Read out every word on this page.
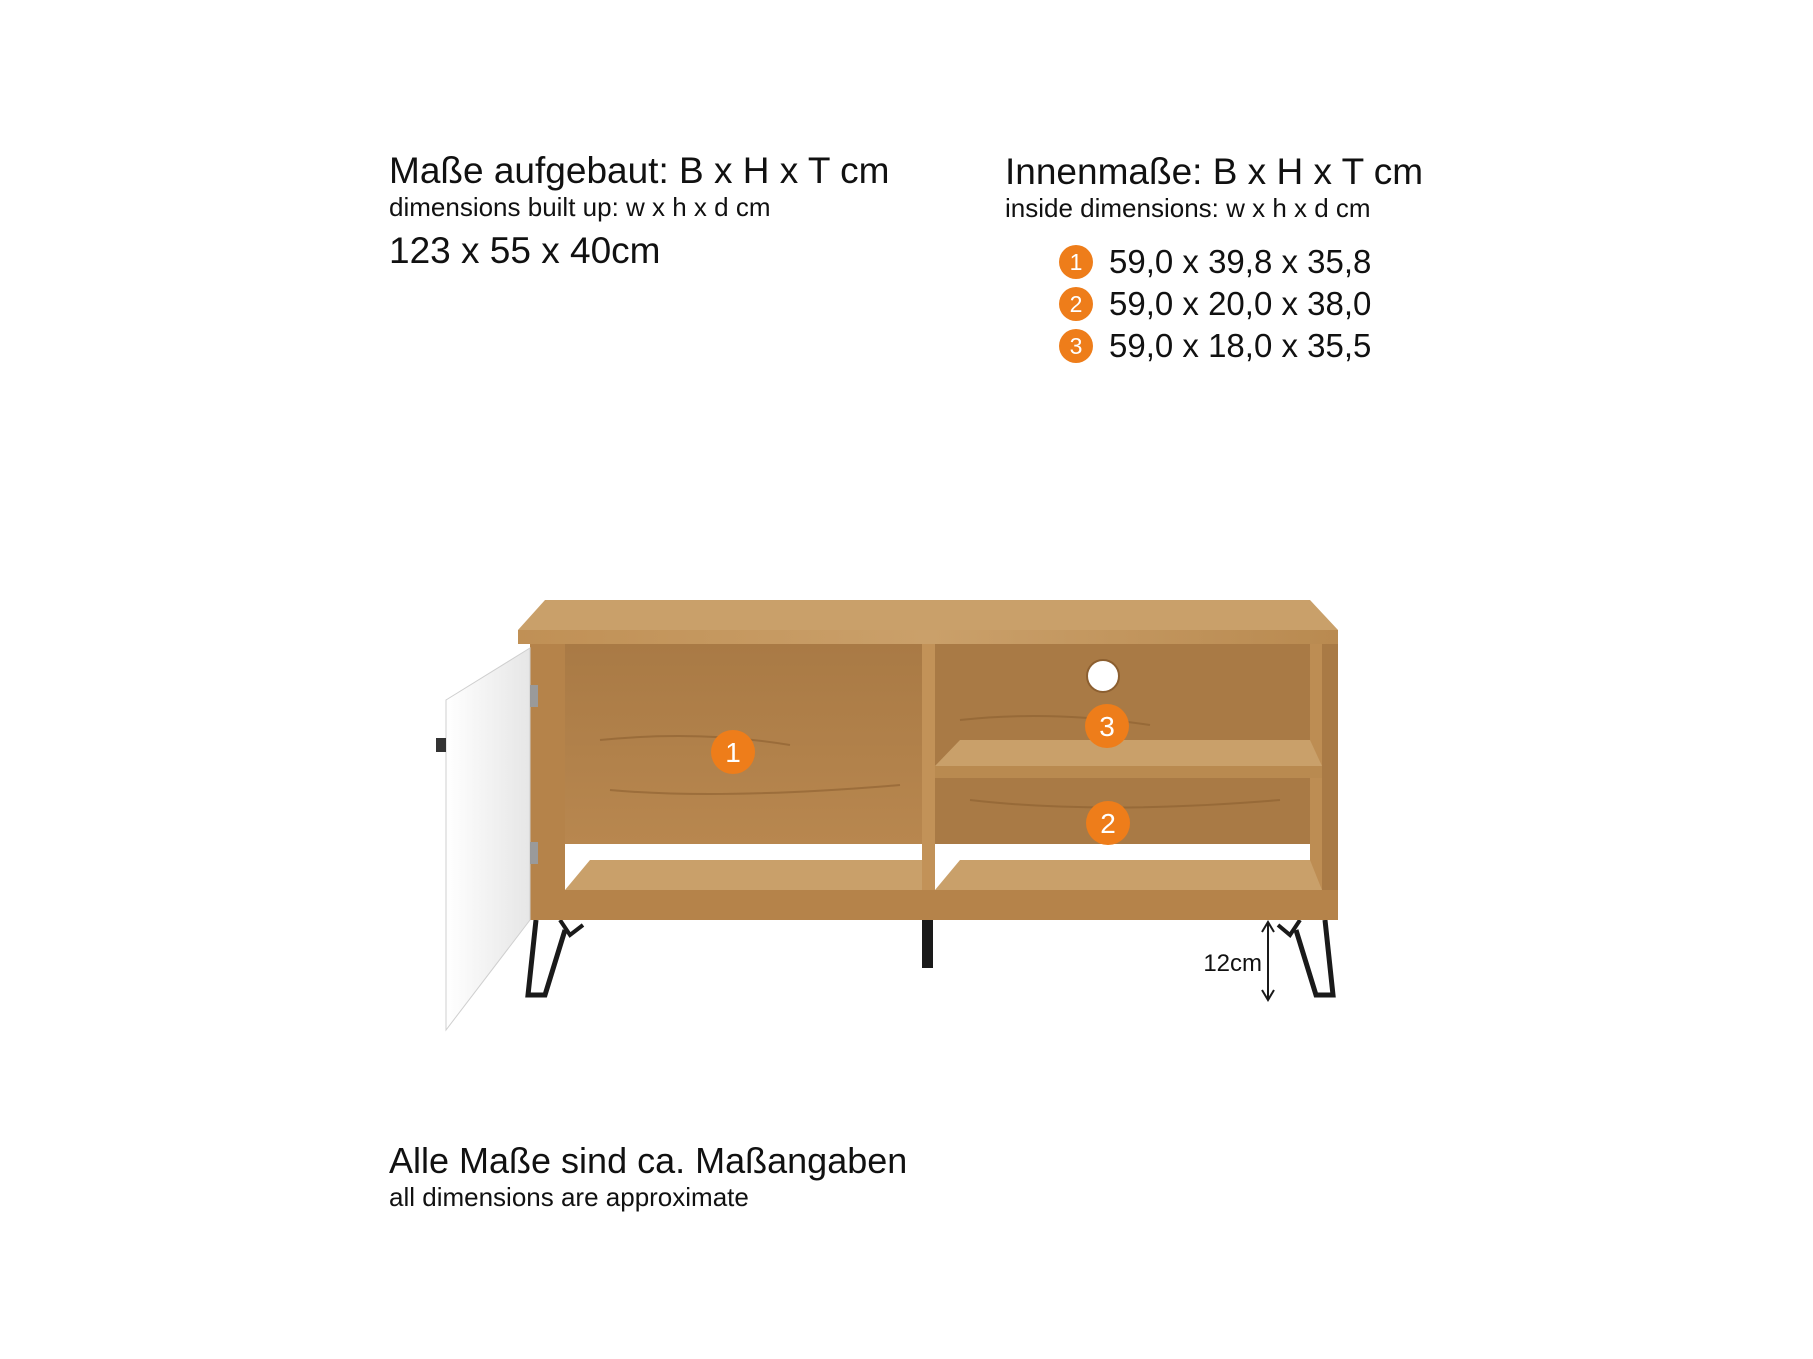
Maße aufgebaut: B x H x T cm
dimensions built up: w x h x d cm
123 x 55 x 40cm
Innenmaße: B x H x T cm
inside dimensions: w x h x d cm
1 59,0 x 39,8 x 35,8
2 59,0 x 20,0 x 38,0
3 59,0 x 18,0 x 35,5
1
3
2
12cm
Alle Maße sind ca. Maßangaben
all dimensions are approximate
